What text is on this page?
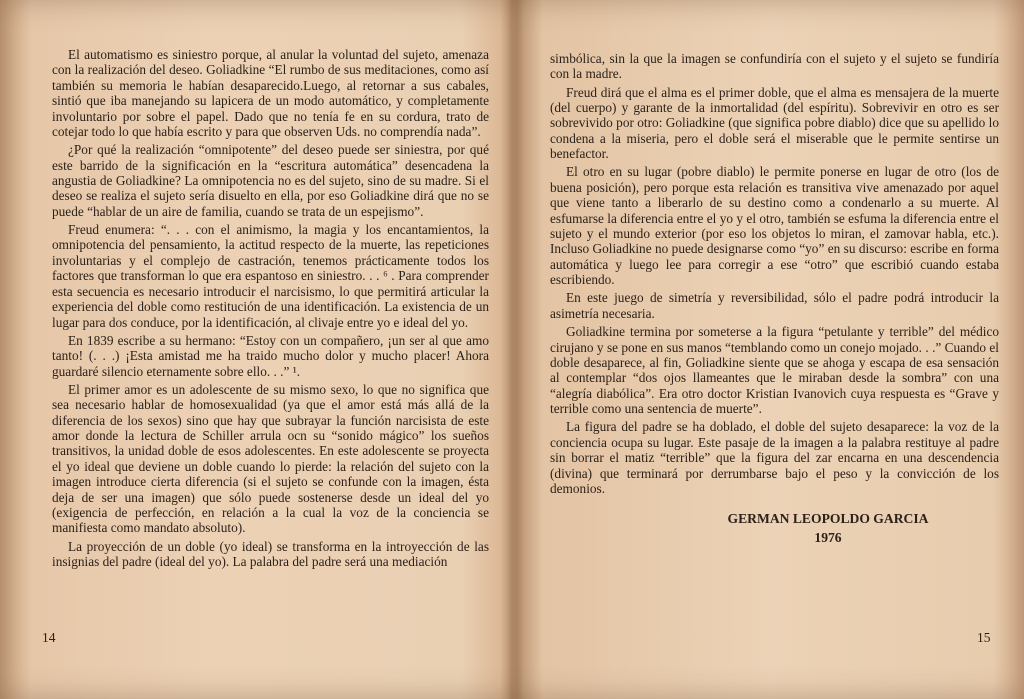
El automatismo es siniestro porque, al anular la voluntad del sujeto, amenaza con la realización del deseo. Goliadkine “El rumbo de sus meditaciones, como así también su memoria le habían desaparecido.Luego, al retornar a sus cabales, sintió que iba manejando su lapicera de un modo automático, y completamente involuntario por sobre el papel. Dado que no tenía fe en su cordura, trato de cotejar todo lo que había escrito y para que observen Uds. no comprendía nada”.

¿Por qué la realización “omnipotente” del deseo puede ser siniestra, por qué este barrido de la significación en la “escritura automática” desencadena la angustia de Goliadkine? La omnipotencia no es del sujeto, sino de su madre. Si el deseo se realiza el sujeto sería disuelto en ella, por eso Goliadkine dirá que no se puede “hablar de un aire de familia, cuando se trata de un espejismo”.

Freud enumera: “. . . con el animismo, la magia y los encantamientos, la omnipotencia del pensamiento, la actitud respecto de la muerte, las repeticiones involuntarias y el complejo de castración, tenemos prácticamente todos los factores que transforman lo que era espantoso en siniestro. . . ⁶ . Para comprender esta secuencia es necesario introducir el narcisismo, lo que permitirá articular la experiencia del doble como restitución de una identificación. La existencia de un lugar para dos conduce, por la identificación, al clivaje entre yo e ideal del yo.

En 1839 escribe a su hermano: “Estoy con un compañero, ¡un ser al que amo tanto! (. . .) ¡Esta amistad me ha traido mucho dolor y mucho placer! Ahora guardaré silencio eternamente sobre ello. . .” ¹.

El primer amor es un adolescente de su mismo sexo, lo que no significa que sea necesario hablar de homosexualidad (ya que el amor está más allá de la diferencia de los sexos) sino que hay que subrayar la función narcisista de este amor donde la lectura de Schiller arrula ocn su “sonido mágico” los sueños transitivos, la unidad doble de esos adolescentes. En este adolescente se proyecta el yo ideal que deviene un doble cuando lo pierde: la relación del sujeto con la imagen introduce cierta diferencia (si el sujeto se confunde con la imagen, ésta deja de ser una imagen) que sólo puede sostenerse desde un ideal del yo (exigencia de perfección, en relación a la cual la voz de la conciencia se manifiesta como mandato absoluto).

La proyección de un doble (yo ideal) se transforma en la introyección de las insignias del padre (ideal del yo). La palabra del padre será una mediación

14

simbólica, sin la que la imagen se confundiría con el sujeto y el sujeto se fundiría con la madre.

Freud dirá que el alma es el primer doble, que el alma es mensajera de la muerte (del cuerpo) y garante de la inmortalidad (del espíritu). Sobrevivir en otro es ser sobrevivido por otro: Goliadkine (que significa pobre diablo) dice que su apellido lo condena a la miseria, pero el doble será el miserable que le permite sentirse un benefactor.

El otro en su lugar (pobre diablo) le permite ponerse en lugar de otro (los de buena posición), pero porque esta relación es transitiva vive amenazado por aquel que viene tanto a liberarlo de su destino como a condenarlo a su muerte. Al esfumarse la diferencia entre el yo y el otro, también se esfuma la diferencia entre el sujeto y el mundo exterior (por eso los objetos lo miran, el zamovar habla, etc.). Incluso Goliadkine no puede designarse como “yo” en su discurso: escribe en forma automática y luego lee para corregir a ese “otro” que escribió cuando estaba escribiendo.

En este juego de simetría y reversibilidad, sólo el padre podrá introducir la asimetría necesaria.

Goliadkine termina por someterse a la figura “petulante y terrible” del médico cirujano y se pone en sus manos “temblando como un conejo mojado. . .” Cuando el doble desaparece, al fin, Goliadkine siente que se ahoga y escapa de esa sensación al contemplar “dos ojos llameantes que le miraban desde la sombra” con una “alegría diabólica”. Era otro doctor Kristian Ivanovich cuya respuesta es “Grave y terrible como una sentencia de muerte”.

La figura del padre se ha doblado, el doble del sujeto desaparece: la voz de la conciencia ocupa su lugar. Este pasaje de la imagen a la palabra restituye al padre sin borrar el matiz “terrible” que la figura del zar encarna en una descendencia (divina) que terminará por derrumbarse bajo el peso y la convicción de los demonios.

GERMAN LEOPOLDO GARCIA
1976
15
